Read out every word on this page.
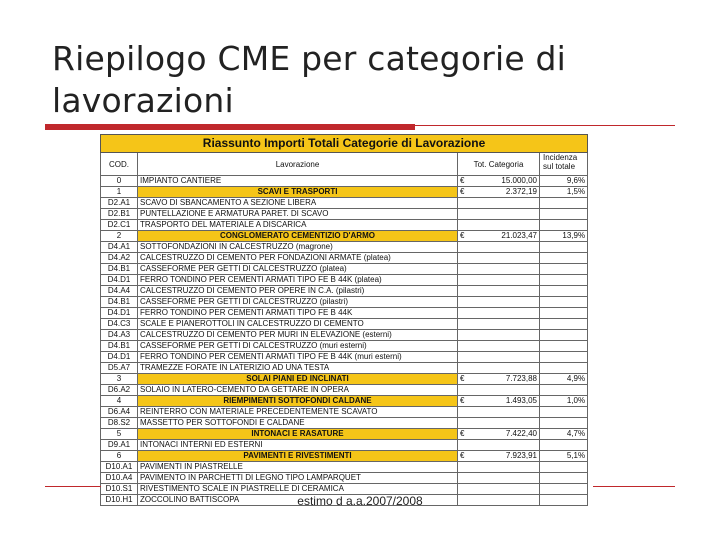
Riepilogo CME per categorie di lavorazioni
Riassunto Importi Totali Categorie di Lavorazione				
COD.	Lavorazione	Tot. Categoria		Incidenza sul totale
0	IMPIANTO CANTIERE	€	15.000,00	9,6%
1	SCAVI E TRASPORTI	€	2.372,19	1,5%
D2.A1	SCAVO DI SBANCAMENTO A SEZIONE LIBERA			
D2.B1	PUNTELLAZIONE E ARMATURA PARET. DI SCAVO			
D2.C1	TRASPORTO DEL MATERIALE A DISCARICA			
2	CONGLOMERATO CEMENTIZIO D'ARMO	€	21.023,47	13,9%
D4.A1	SOTTOFONDAZIONI IN CALCESTRUZZO (magrone)			
D4.A2	CALCESTRUZZO DI CEMENTO PER FONDAZIONI ARMATE (platea)			
D4.B1	CASSEFORME PER GETTI DI CALCESTRUZZO (platea)			
D4.D1	FERRO TONDINO PER CEMENTI ARMATI TIPO FE B 44K (platea)			
D4.A4	CALCESTRUZZO DI CEMENTO PER OPERE IN C.A. (pilastri)			
D4.B1	CASSEFORME PER GETTI DI CALCESTRUZZO (pilastri)			
D4.D1	FERRO TONDINO PER CEMENTI ARMATI TIPO FE B 44K			
D4.C3	SCALE E PIANEROTTOLI IN CALCESTRUZZO DI CEMENTO			
D4.A3	CALCESTRUZZO DI CEMENTO PER MURI IN ELEVAZIONE (esterni)			
D4.B1	CASSEFORME PER GETTI DI CALCESTRUZZO (muri esterni)			
D4.D1	FERRO TONDINO PER CEMENTI ARMATI TIPO FE B 44K (muri esterni)			
D5.A7	TRAMEZZE FORATE IN LATERIZIO AD UNA TESTA			
3	SOLAI PIANI ED INCLINATI	€	7.723,88	4,9%
D6.A2	SOLAIO IN LATERO-CEMENTO DA GETTARE IN OPERA			
4	RIEMPIMENTI SOTTOFONDI CALDANE	€	1.493,05	1,0%
D6.A4	REINTERRO CON MATERIALE PRECEDENTEMENTE SCAVATO			
D8.S2	MASSETTO PER SOTTOFONDI E CALDANE			
5	INTONACI E RASATURE	€	7.422,40	4,7%
D9.A1	INTONACI INTERNI ED ESTERNI			
6	PAVIMENTI E RIVESTIMENTI	€	7.923,91	5,1%
D10.A1	PAVIMENTI IN PIASTRELLE			
D10.A4	PAVIMENTO IN PARCHETTI DI LEGNO TIPO LAMPARQUET			
D10.S1	RIVESTIMENTO SCALE IN PIASTRELLE DI CERAMICA			
D10.H1	ZOCCOLINO BATTISCOPA				estimo d a.a.2007/2008
